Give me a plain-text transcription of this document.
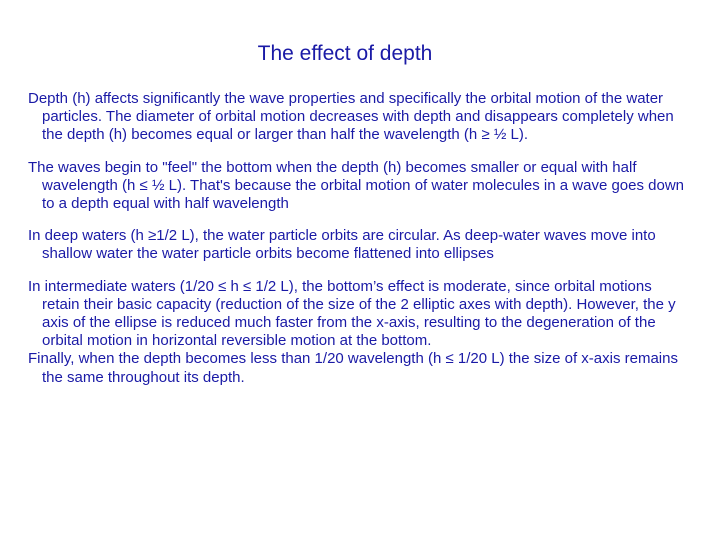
The effect of depth

Depth (h) affects significantly the wave properties and specifically the orbital motion of the water particles. The diameter of orbital motion decreases with depth and disappears completely when the depth (h) becomes equal or larger than half the wavelength (h ≥ ½ L).

The waves begin to "feel" the bottom when the depth (h) becomes smaller or equal with half wavelength (h ≤ ½ L). That's because the orbital motion of water molecules in a wave goes down to a depth equal with half wavelength

In deep waters (h ≥1/2 L), the water particle orbits are circular. As deep-water waves move into shallow water the water particle orbits become flattened into ellipses

In intermediate waters (1/20 ≤ h ≤ 1/2 L), the bottom’s effect is moderate, since orbital motions retain their basic capacity (reduction of the size of the 2 elliptic axes with depth). However, the y axis of the ellipse is reduced much faster from the x-axis, resulting to the degeneration of the orbital motion in horizontal reversible motion at the bottom.

Finally, when the depth becomes less than 1/20 wavelength (h ≤ 1/20 L) the size of x-axis remains the same throughout its depth.
